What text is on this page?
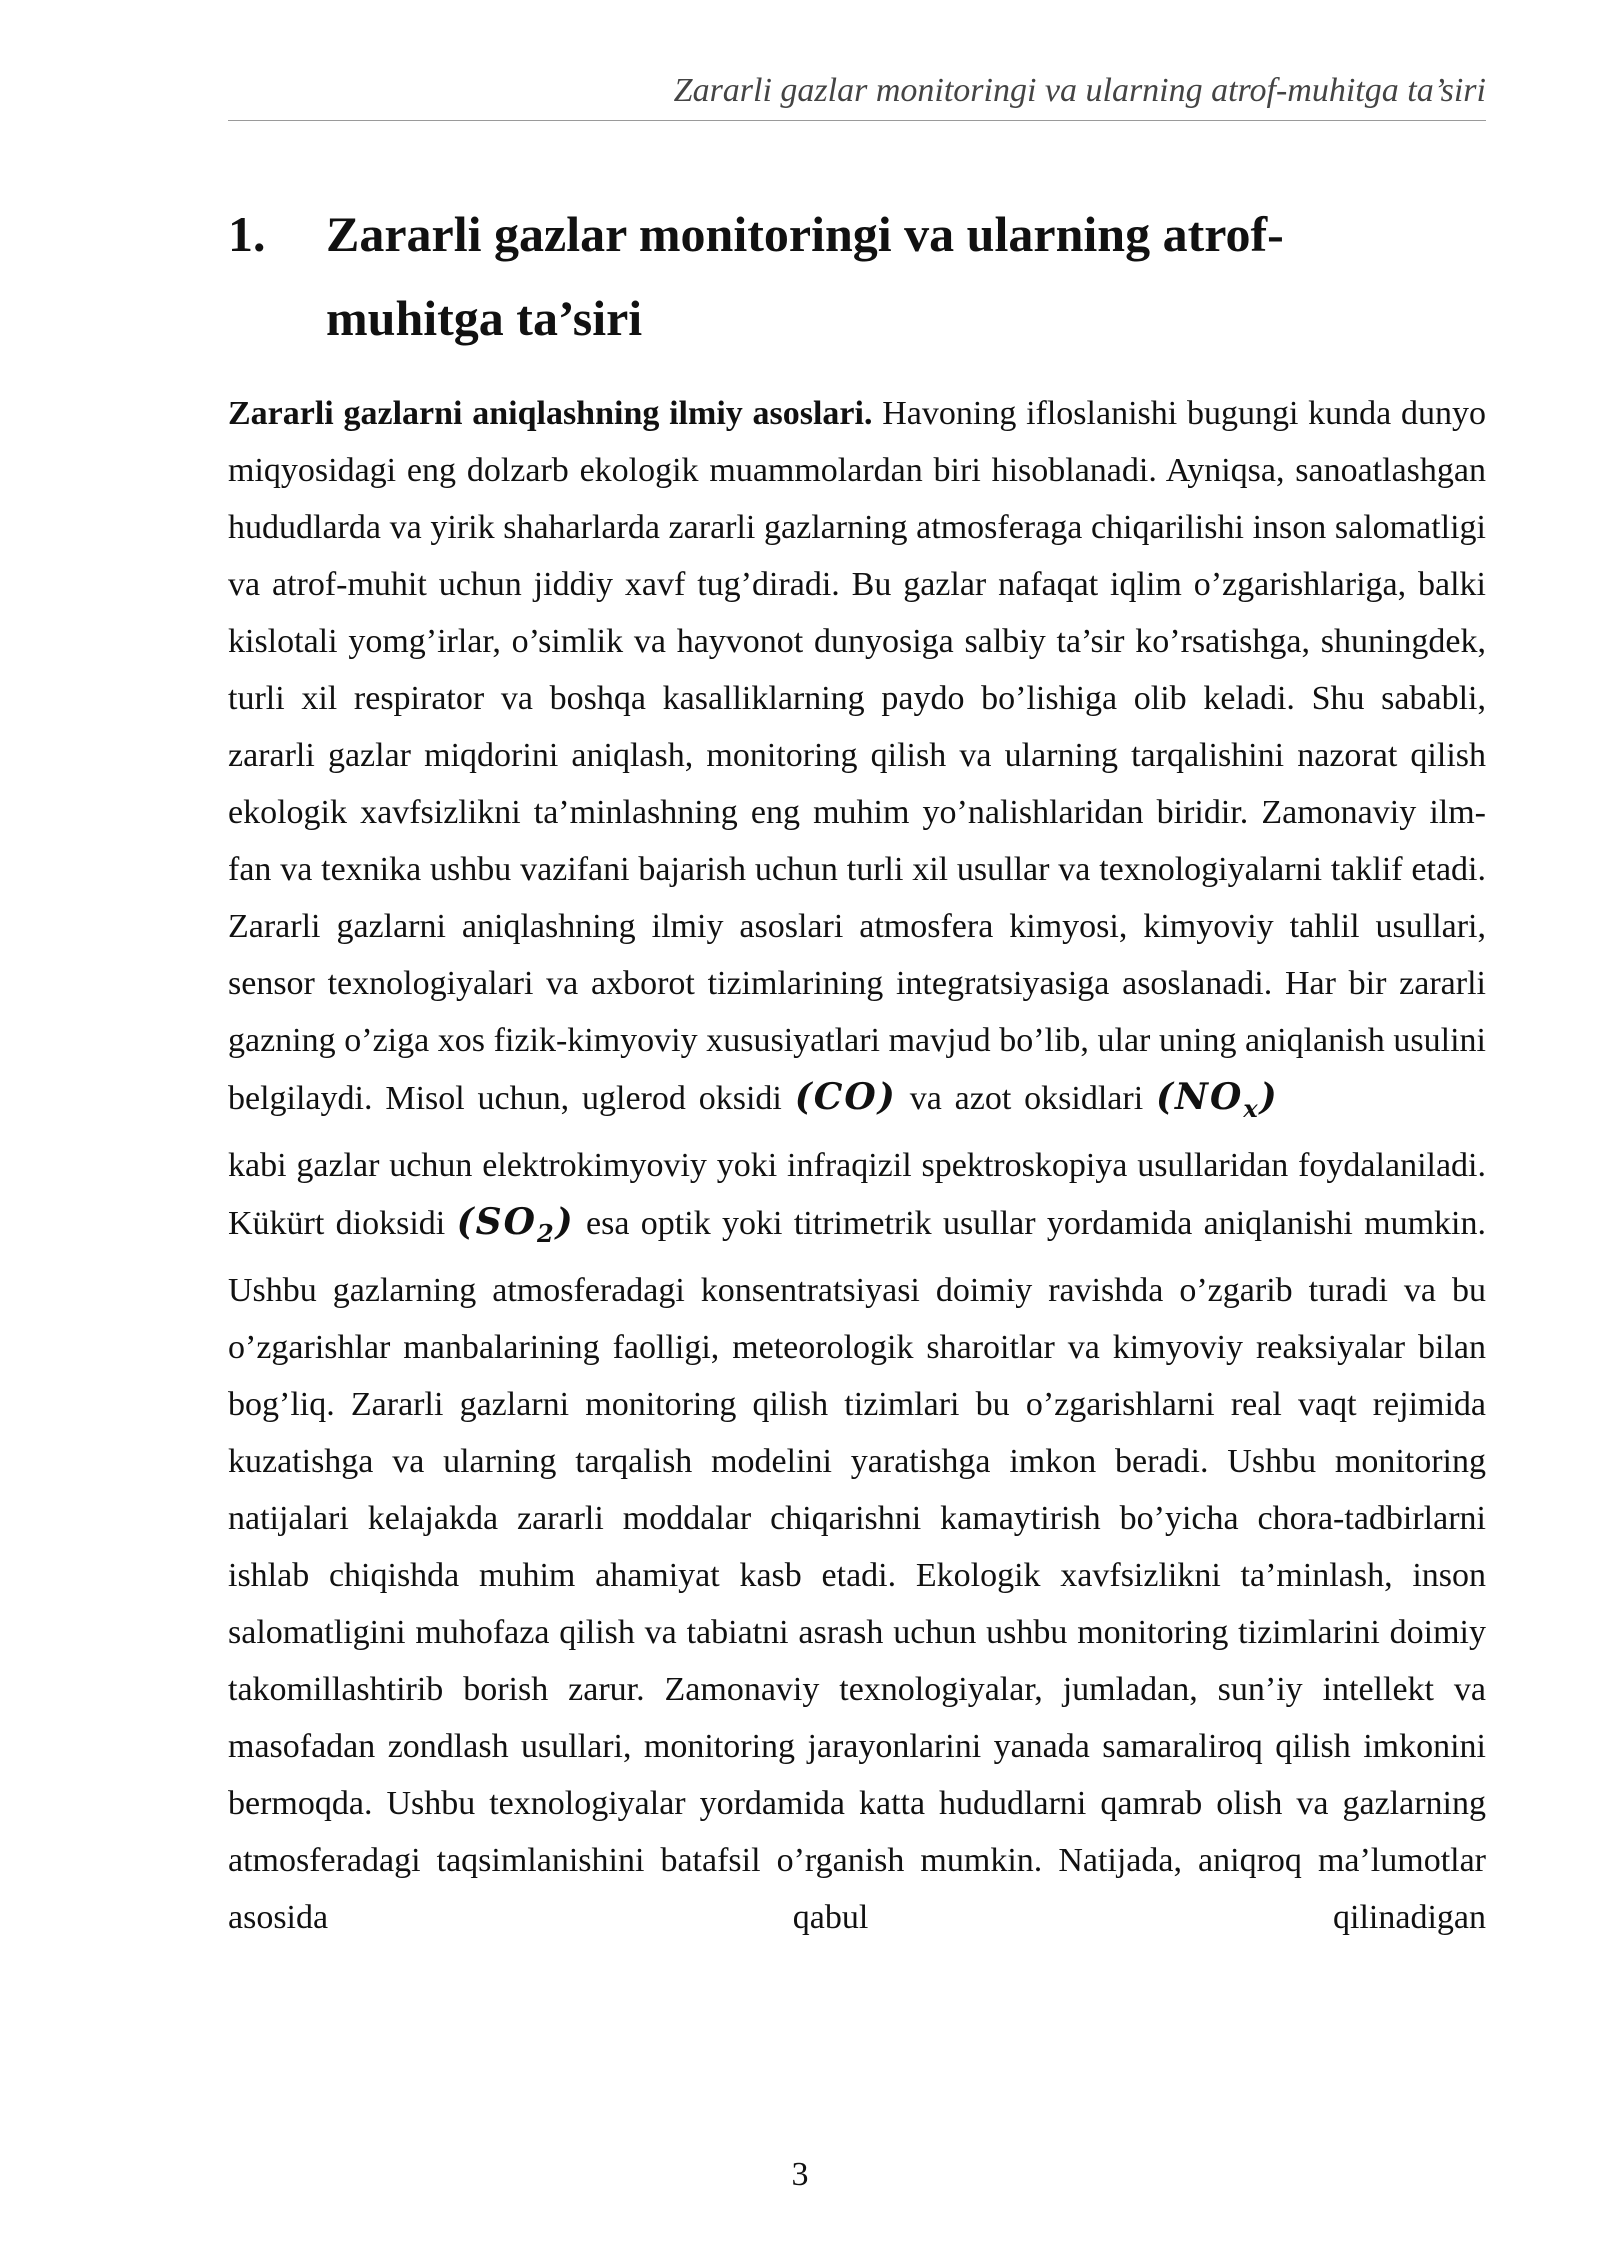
Zararli gazlar monitoringi va ularning atrof-muhitga ta’siri
1. Zararli gazlar monitoringi va ularning atrof-muhitga ta’siri

Zararli gazlarni aniqlashning ilmiy asoslari. Havoning ifloslanishi bugungi kunda dunyo miqyosidagi eng dolzarb ekologik muammolardan biri hisoblanadi. Ayniqsa, sanoatlashgan hududlarda va yirik shaharlarda zararli gazlarning atmosferaga chiqarilishi inson salomatligi va atrof-muhit uchun jiddiy xavf tug’diradi. Bu gazlar nafaqat iqlim o’zgarishlariga, balki kislotali yomg’irlar, o’simlik va hayvonot dunyosiga salbiy ta’sir ko’rsatishga, shuningdek, turli xil respirator va boshqa kasalliklarning paydo bo’lishiga olib keladi. Shu sababli, zararli gazlar miqdorini aniqlash, monitoring qilish va ularning tarqalishini nazorat qilish ekologik xavfsizlikni ta’minlashning eng muhim yo’nalishlaridan biridir. Zamonaviy ilm-fan va texnika ushbu vazifani bajarish uchun turli xil usullar va texnologiyalarni taklif etadi. Zararli gazlarni aniqlashning ilmiy asoslari atmosfera kimyosi, kimyoviy tahlil usullari, sensor texnologiyalari va axborot tizimlarining integratsiyasiga asoslanadi. Har bir zararli gazning o’ziga xos fizik-kimyoviy xususiyatlari mavjud bo’lib, ular uning aniqlanish usulini belgilaydi. Misol uchun, uglerod oksidi (CO) va azot oksidlari $(NO_x)$ kabi gazlar uchun elektrokimyoviy yoki infraqizil spektroskopiya usullaridan foydalaniladi. Kükürt dioksidi $(SO_2)$ esa optik yoki titrimetrik usullar yordamida aniqlanishi mumkin. Ushbu gazlarning atmosferadagi konsentratsiyasi doimiy ravishda o’zgarib turadi va bu o’zgarishlar manbalarining faolligi, meteorologik sharoitlar va kimyoviy reaksiyalar bilan bog’liq. Zararli gazlarni monitoring qilish tizimlari bu o’zgarishlarni real vaqt rejimida kuzatishga va ularning tarqalish modelini yaratishga imkon beradi. Ushbu monitoring natijalari kelajakda zararli moddalar chiqarishni kamaytirish bo’yicha chora-tadbirlarni ishlab chiqishda muhim ahamiyat kasb etadi. Ekologik xavfsizlikni ta’minlash, inson salomatligini muhofaza qilish va tabiatni asrash uchun ushbu monitoring tizimlarini doimiy takomillashtirib borish zarur. Zamonaviy texnologiyalar, jumladan, sun’iy intellekt va masofadan zondlash usullari, monitoring jarayonlarini yanada samaraliroq qilish imkonini bermoqda. Ushbu texnologiyalar yordamida katta hududlarni qamrab olish va gazlarning atmosferadagi taqsimlanishini batafsil o’rganish mumkin. Natijada, aniqroq ma’lumotlar asosida qabul qilinadigan

3
